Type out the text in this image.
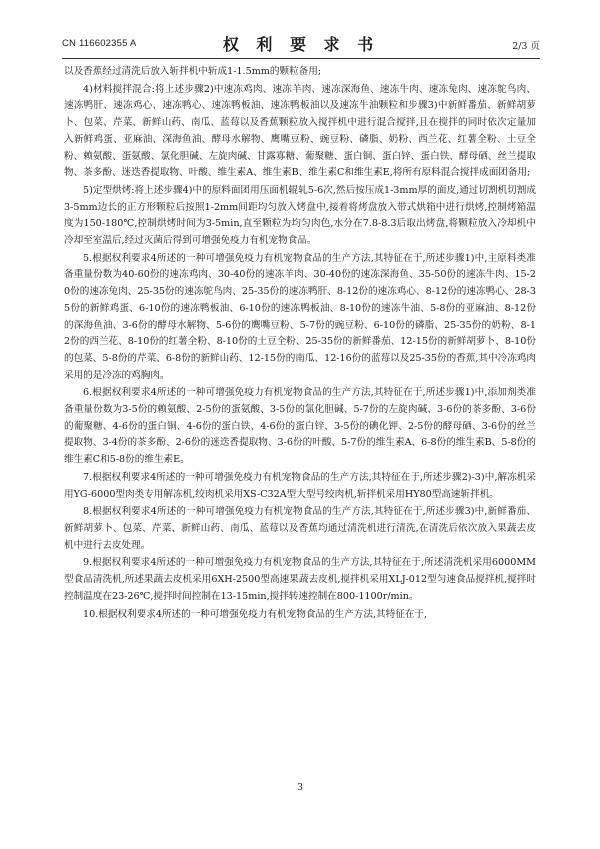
CN 116602355 A	权 利 要 求 书	2/3 页

以及香蕉经过清洗后放入斩拌机中斩成1-1.5mm的颗粒备用;

4)材料搅拌混合:将上述步骤2)中速冻鸡肉、速冻羊肉、速冻深海鱼、速冻牛肉、速冻兔肉、速冻鸵鸟肉、速冻鸭肝、速冻鸡心、速冻鸭心、速冻鸭板油、速冻鸭板油以及速冻牛油颗粒和步骤3)中新鲜番茄、新鲜胡萝卜、包菜、芹菜、新鲜山药、南瓜、蓝莓以及香蕉颗粒放入搅拌机中进行混合搅拌,且在搅拌的同时依次定量加入新鲜鸡蛋、亚麻油、深海鱼油、酵母水解物、鹰嘴豆粉、豌豆粉、磷脂、奶粉、西兰花、红薯全粉、土豆全粉、赖氨酸、蛋氨酸、氯化胆碱、左旋肉碱、甘露寡糖、葡聚糖、蛋白铜、蛋白锌、蛋白铁、酵母硒、丝兰提取物、茶多酚、迷迭香提取物、叶酸、维生素A、维生素B、维生素C和维生素E,将所有原料混合搅拌成面团备用;

5)定型烘烤:将上述步骤4)中的原料面团用压面机辊轧5-6次,然后按压成1-3mm厚的面皮,通过切割机切割成3-5mm边长的正方形颗粒后按照1-2mm间距均匀放入烤盘中,接着将烤盘放入带式烘箱中进行烘烤,控制烤箱温度为150-180℃,控制烘烤时间为3-5min,直至颗粒为均匀肉色,水分在7.8-8.3后取出烤盘,将颗粒放入冷却机中冷却至室温后,经过灭菌后得到可增强免疫力有机宠物食品。

5.根据权利要求4所述的一种可增强免疫力有机宠物食品的生产方法,其特征在于,所述步骤1)中,主原料类准备重量份数为40-60份的速冻鸡肉、30-40份的速冻羊肉、30-40份的速冻深海鱼、35-50份的速冻牛肉、15-20份的速冻兔肉、25-35份的速冻鸵鸟肉、25-35份的速冻鸭肝、8-12份的速冻鸡心、8-12份的速冻鸭心、28-35份的新鲜鸡蛋、6-10份的速冻鸭板油、6-10份的速冻鸭板油、8-10份的速冻牛油、5-8份的亚麻油、8-12份的深海鱼油、3-6份的酵母水解物、5-6份的鹰嘴豆粉、5-7份的豌豆粉、6-10份的磷脂、25-35份的奶粉、8-12份的西兰花、8-10份的红薯全粉、8-10份的土豆全粉、25-35份的新鲜番茄、12-15份的新鲜胡萝卜、8-10份的包菜、5-8份的芹菜、6-8份的新鲜山药、12-15份的南瓜、12-16份的蓝莓以及25-35份的香蕉,其中冷冻鸡肉采用的是冷冻的鸡胸肉。

6.根据权利要求4所述的一种可增强免疫力有机宠物食品的生产方法,其特征在于,所述步骤1)中,添加剂类准备重量份数为3-5份的赖氨酸、2-5份的蛋氨酸、3-5份的氯化胆碱、5-7份的左旋肉碱、3-6份的茶多酚、3-6份的葡聚糖、4-6份的蛋白铜、4-6份的蛋白铁、4-6份的蛋白锌、3-5份的碘化钾、2-5份的酵母硒、3-6份的丝兰提取物、3-4份的茶多酚、2-6份的迷迭香提取物、3-6份的叶酸、5-7份的维生素A、6-8份的维生素B、5-8份的维生素C和5-8份的维生素E。

7.根据权利要求4所述的一种可增强免疫力有机宠物食品的生产方法,其特征在于,所述步骤2)-3)中,解冻机采用YG-6000型肉类专用解冻机,绞肉机采用XS-C32A型大型号绞肉机,斩拌机采用HY80型高速斩拌机。

8.根据权利要求4所述的一种可增强免疫力有机宠物食品的生产方法,其特征在于,所述步骤3)中,新鲜番茄、新鲜胡萝卜、包菜、芹菜、新鲜山药、南瓜、蓝莓以及香蕉均通过清洗机进行清洗,在清洗后依次放入果蔬去皮机中进行去皮处理。

9.根据权利要求4所述的一种可增强免疫力有机宠物食品的生产方法,其特征在于,所述清洗机采用6000MM型食品清洗机,所述果蔬去皮机采用6XH-2500型高速果蔬去皮机,搅拌机采用XLJ-012型匀速食品搅拌机,搅拌时控制温度在23-26℃,搅拌时间控制在13-15min,搅拌转速控制在800-1100r/min。

10.根据权利要求4所述的一种可增强免疫力有机宠物食品的生产方法,其特征在于,

3
